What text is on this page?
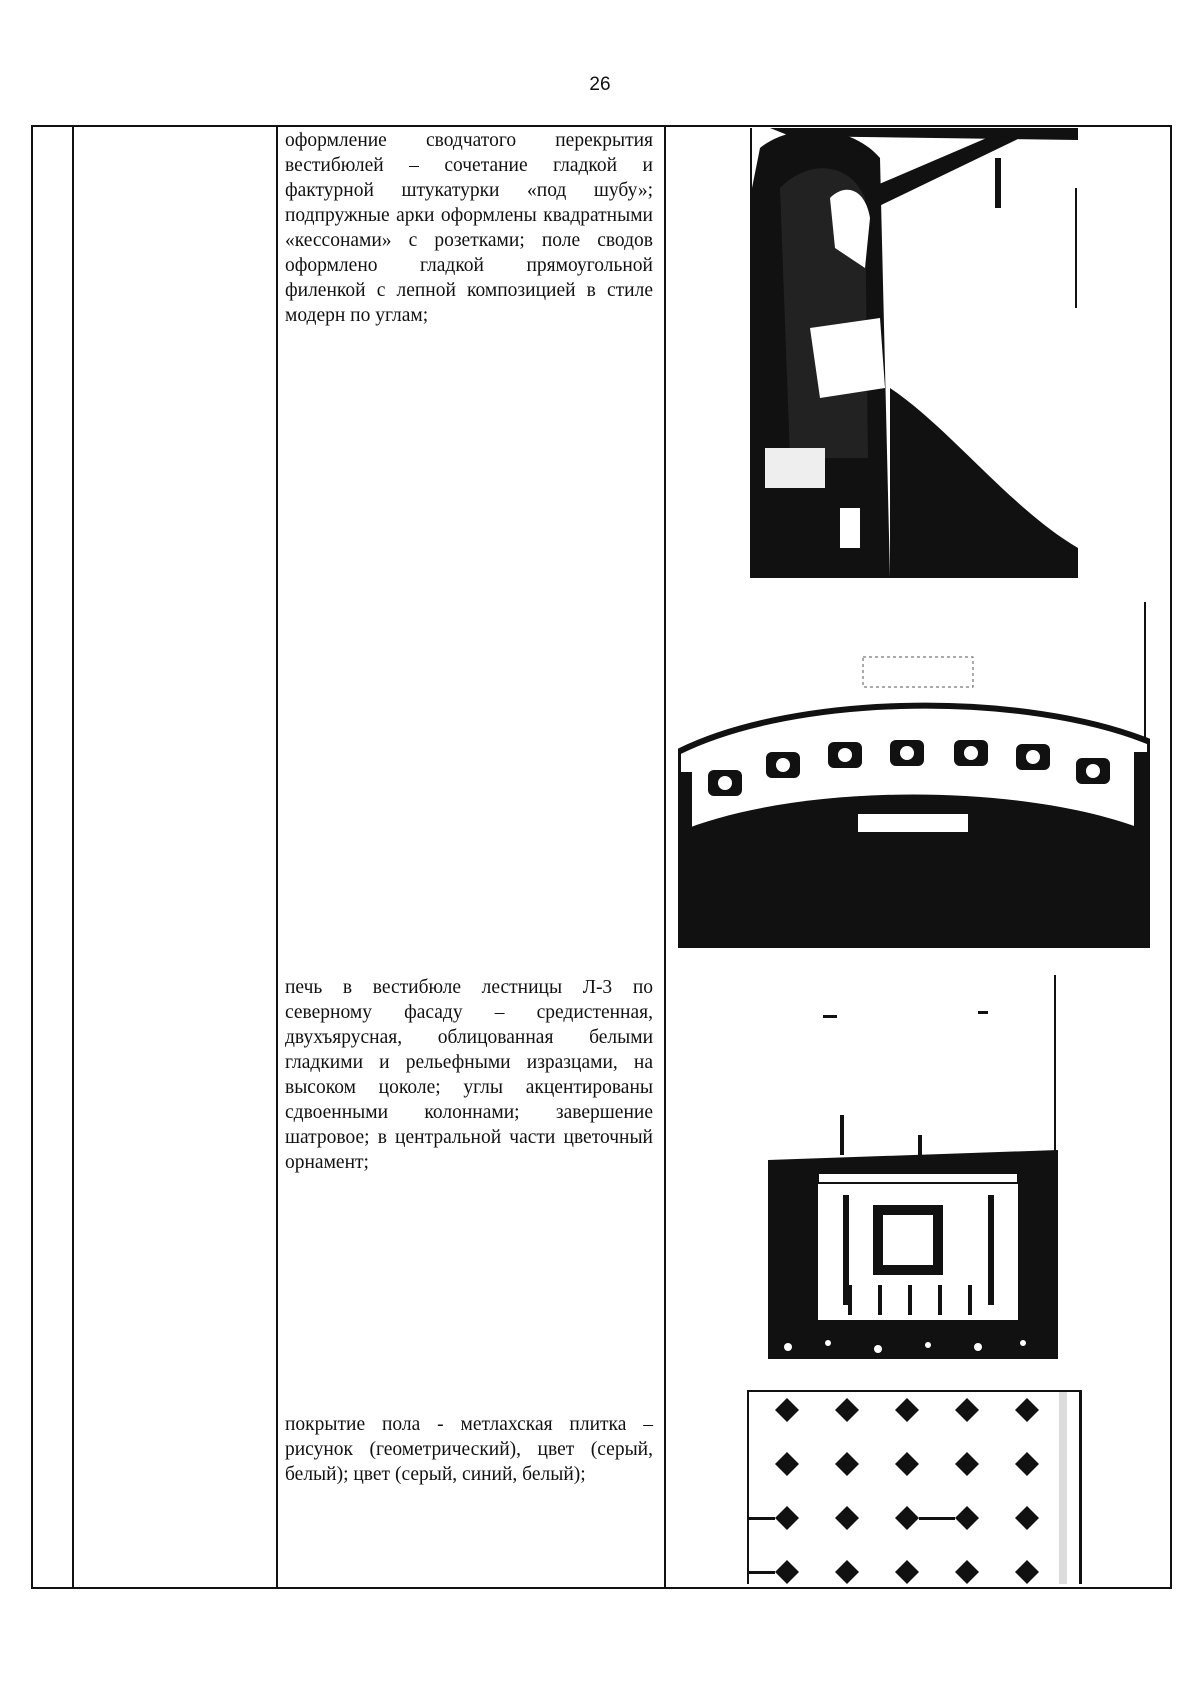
26
оформление сводчатого перекрытия вестибюлей – сочетание гладкой и фактурной штукатурки «под шубу»; подпружные арки оформлены квадратными «кессонами» с розетками; поле сводов оформлено гладкой прямоугольной филенкой с лепной композицией в стиле модерн по углам;
печь в вестибюле лестницы Л-3 по северному фасаду – средистенная, двухъярусная, облицованная белыми гладкими и рельефными изразцами, на высоком цоколе; углы акцентированы сдвоенными колоннами; завершение шатровое; в центральной части цветочный орнамент;
покрытие пола - метлахская плитка – рисунок (геометрический), цвет (серый, белый); цвет (серый, синий, белый);
